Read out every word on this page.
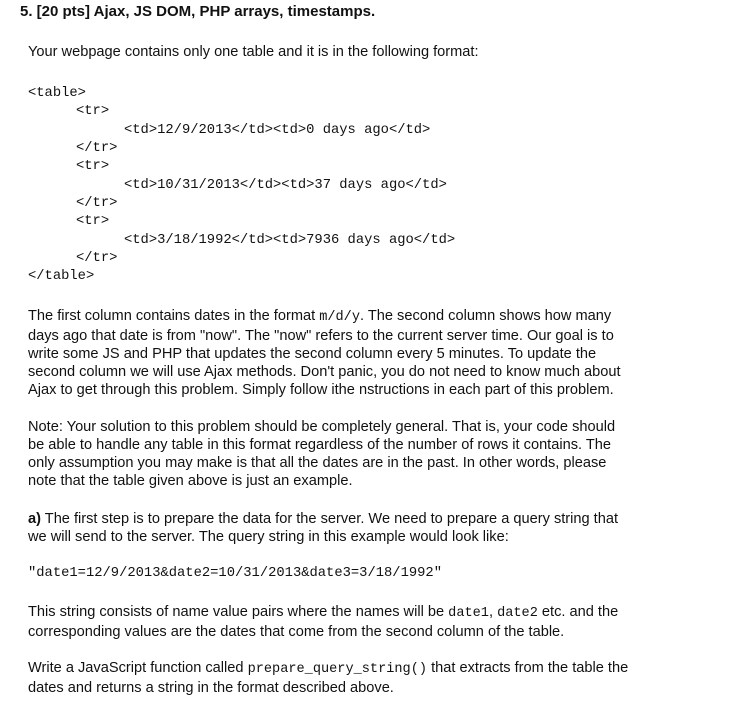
5. [20 pts] Ajax, JS DOM, PHP arrays, timestamps.
Your webpage contains only one table and it is in the following format:
<table>
<tr>
<td>12/9/2013</td><td>0 days ago</td>
</tr>
<tr>
<td>10/31/2013</td><td>37 days ago</td>
</tr>
<tr>
<td>3/18/1992</td><td>7936 days ago</td>
</tr>
</table>
The first column contains dates in the format m/d/y. The second column shows how many
days ago that date is from "now". The "now" refers to the current server time. Our goal is to
write some JS and PHP that updates the second column every 5 minutes. To update the
second column we will use Ajax methods. Don't panic, you do not need to know much about
Ajax to get through this problem. Simply follow ithe nstructions in each part of this problem.
Note: Your solution to this problem should be completely general. That is, your code should
be able to handle any table in this format regardless of the number of rows it contains. The
only assumption you may make is that all the dates are in the past. In other words, please
note that the table given above is just an example.
a) The first step is to prepare the data for the server. We need to prepare a query string that
we will send to the server. The query string in this example would look like:
"date1=12/9/2013&date2=10/31/2013&date3=3/18/1992"
This string consists of name value pairs where the names will be date1, date2 etc. and the
corresponding values are the dates that come from the second column of the table.
Write a JavaScript function called prepare_query_string() that extracts from the table the
dates and returns a string in the format described above.
